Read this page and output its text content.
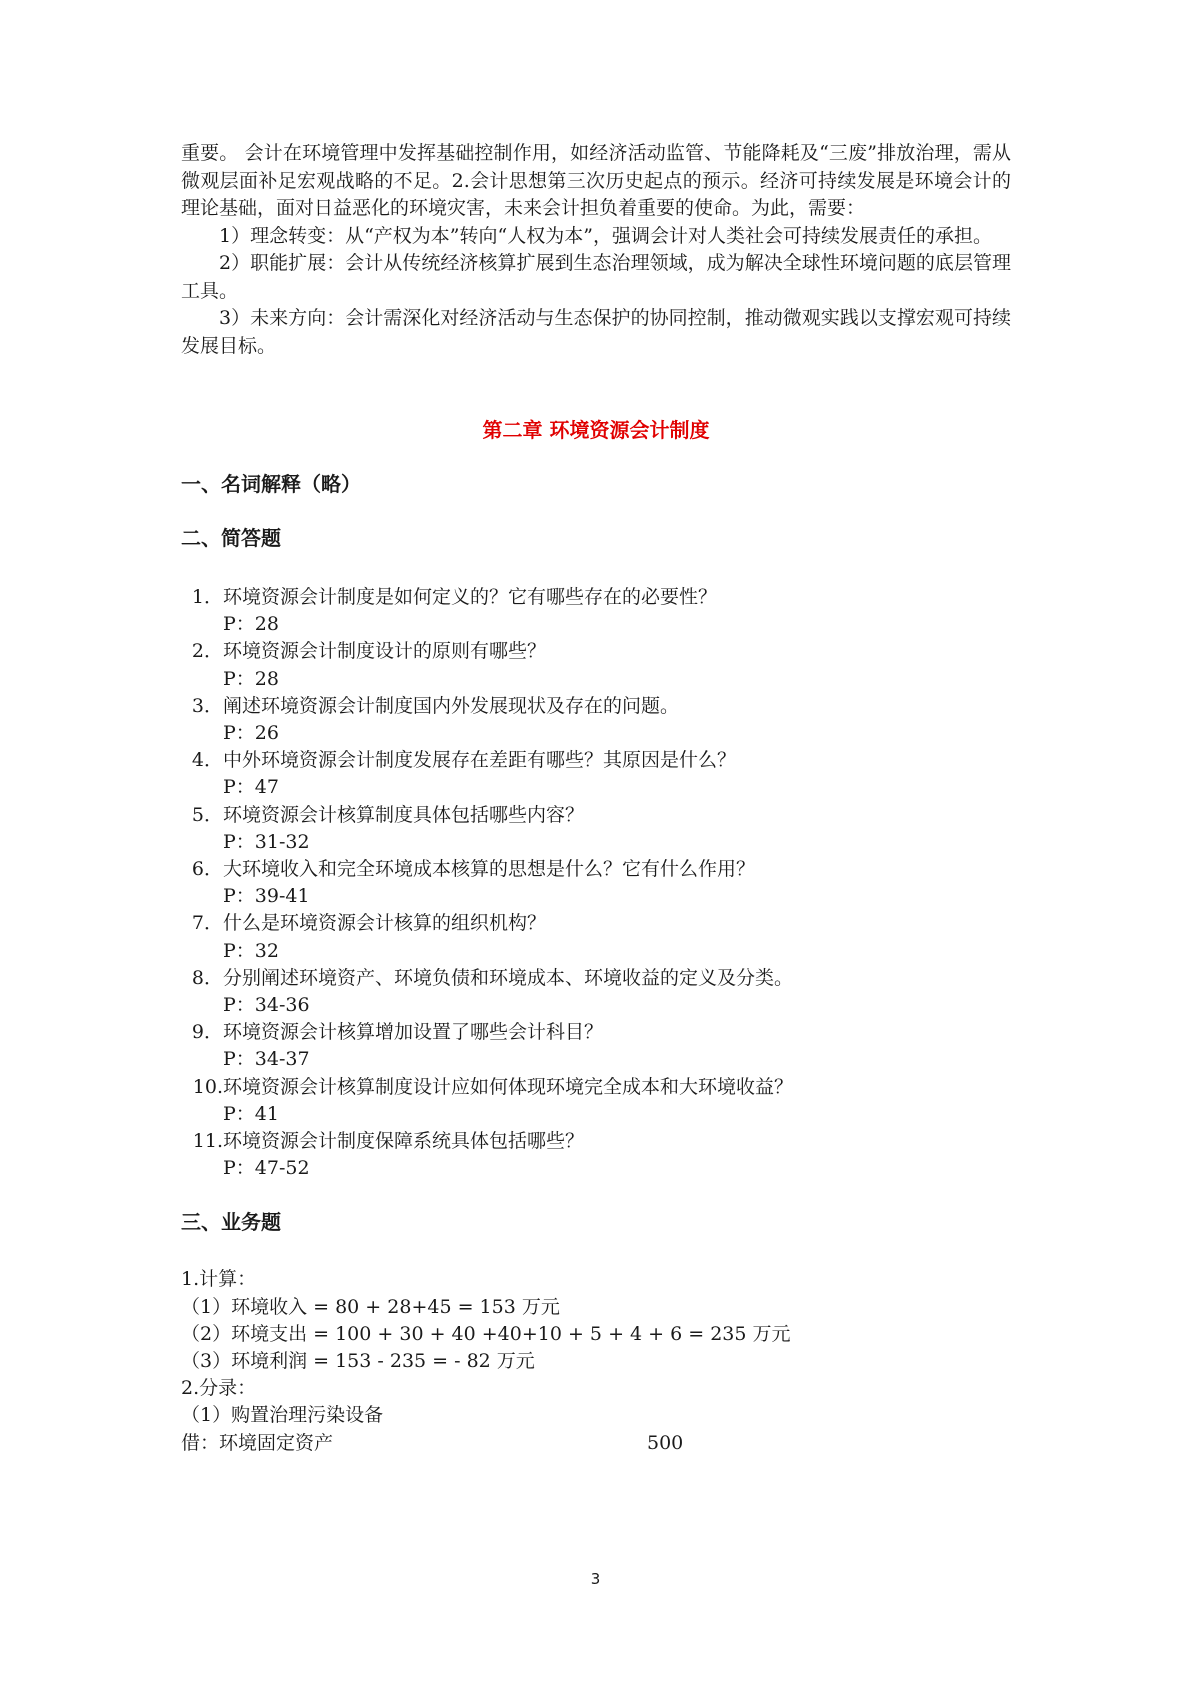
重要。 会计在环境管理中发挥基础控制作用，如经济活动监管、节能降耗及“三废”排放治理，需从微观层面补足宏观战略的不足。2.会计思想第三次历史起点的预示。经济可持续发展是环境会计的理论基础，面对日益恶化的环境灾害，未来会计担负着重要的使命。为此，需要：

1）理念转变：从“产权为本”转向“人权为本”，强调会计对人类社会可持续发展责任的承担。

2）职能扩展：会计从传统经济核算扩展到生态治理领域，成为解决全球性环境问题的底层管理工具。

3）未来方向：会计需深化对经济活动与生态保护的协同控制，推动微观实践以支撑宏观可持续发展目标。

第二章 环境资源会计制度

一、名词解释（略）

二、简答题

1． 环境资源会计制度是如何定义的？它有哪些存在的必要性？
P：28
2． 环境资源会计制度设计的原则有哪些？
P：28
3． 阐述环境资源会计制度国内外发展现状及存在的问题。
P：26
4． 中外环境资源会计制度发展存在差距有哪些？其原因是什么？
P：47
5． 环境资源会计核算制度具体包括哪些内容？
P：31-32
6． 大环境收入和完全环境成本核算的思想是什么？它有什么作用？
P：39-41
7． 什么是环境资源会计核算的组织机构？
P：32
8． 分别阐述环境资产、环境负债和环境成本、环境收益的定义及分类。
P：34-36
9． 环境资源会计核算增加设置了哪些会计科目？
P：34-37
10. 环境资源会计核算制度设计应如何体现环境完全成本和大环境收益？
P：41
11. 环境资源会计制度保障系统具体包括哪些？
P：47-52

三、业务题

1.计算：
（1）环境收入 = 80 + 28+45 = 153 万元
（2）环境支出 = 100 + 30 + 40 +40+10 + 5 + 4 + 6 = 235 万元
（3）环境利润 = 153 - 235 = - 82 万元
2.分录：
（1）购置治理污染设备
借：环境固定资产	500
3
